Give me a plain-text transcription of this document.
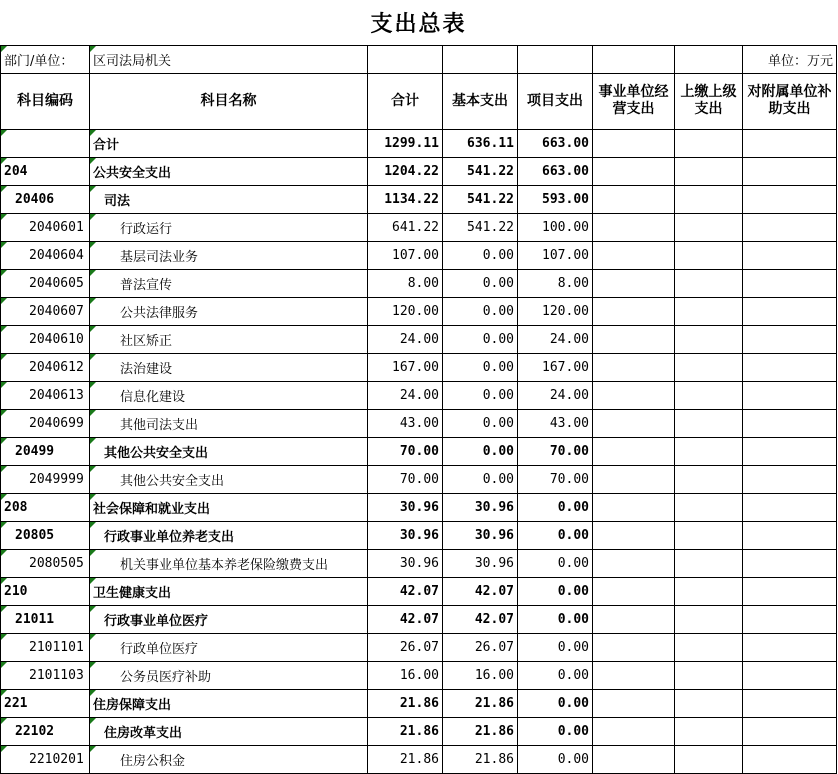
支出总表							
部门/单位：	区司法局机关						单位：万元
科目编码	科目名称	合计	基本支出	项目支出	事业单位经营支出	上缴上级支出	对附属单位补助支出
	合计	1299.11	636.11	663.00			
204	公共安全支出	1204.22	541.22	663.00			
20406	司法	1134.22	541.22	593.00			
2040601	行政运行	641.22	541.22	100.00			
2040604	基层司法业务	107.00	0.00	107.00			
2040605	普法宣传	8.00	0.00	8.00			
2040607	公共法律服务	120.00	0.00	120.00			
2040610	社区矫正	24.00	0.00	24.00			
2040612	法治建设	167.00	0.00	167.00			
2040613	信息化建设	24.00	0.00	24.00			
2040699	其他司法支出	43.00	0.00	43.00			
20499	其他公共安全支出	70.00	0.00	70.00			
2049999	其他公共安全支出	70.00	0.00	70.00			
208	社会保障和就业支出	30.96	30.96	0.00			
20805	行政事业单位养老支出	30.96	30.96	0.00			
2080505	机关事业单位基本养老保险缴费支出	30.96	30.96	0.00			
210	卫生健康支出	42.07	42.07	0.00			
21011	行政事业单位医疗	42.07	42.07	0.00			
2101101	行政单位医疗	26.07	26.07	0.00			
2101103	公务员医疗补助	16.00	16.00	0.00			
221	住房保障支出	21.86	21.86	0.00			
22102	住房改革支出	21.86	21.86	0.00			
2210201	住房公积金	21.86	21.86	0.00			
